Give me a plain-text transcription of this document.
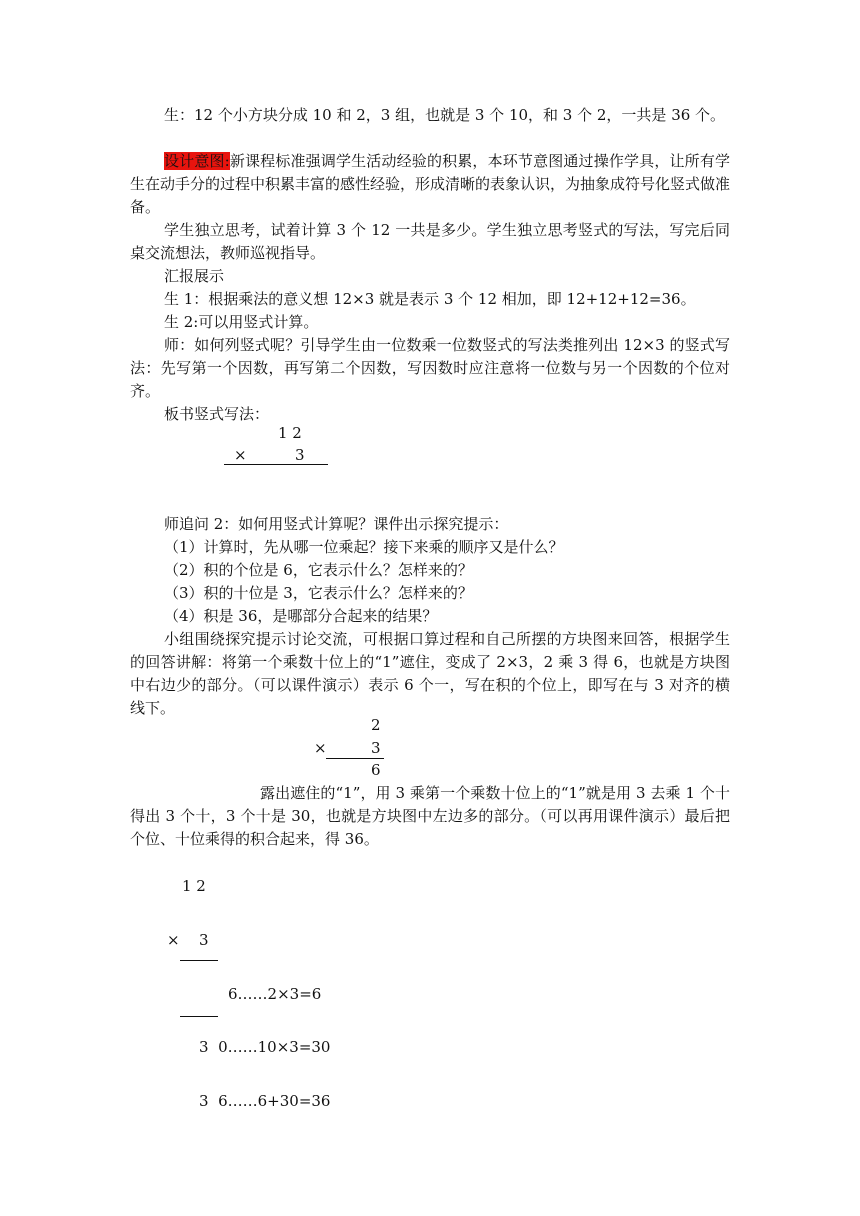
生：12 个小方块分成 10 和 2，3 组，也就是 3 个 10，和 3 个 2，一共是 36 个。

设计意图:新课程标准强调学生活动经验的积累，本环节意图通过操作学具，让所有学生在动手分的过程中积累丰富的感性经验，形成清晰的表象认识，为抽象成符号化竖式做准备。

学生独立思考，试着计算 3 个 12 一共是多少。学生独立思考竖式的写法，写完后同桌交流想法，教师巡视指导。

汇报展示

生 1：根据乘法的意义想 12×3 就是表示 3 个 12 相加，即 12+12+12=36。

生 2:可以用竖式计算。

师：如何列竖式呢？引导学生由一位数乘一位数竖式的写法类推列出 12×3 的竖式写法：先写第一个因数，再写第二个因数，写因数时应注意将一位数与另一个因数的个位对齐。

板书竖式写法：

1 2
×	3

师追问 2：如何用竖式计算呢？课件出示探究提示：

（1）计算时，先从哪一位乘起？接下来乘的顺序又是什么？

（2）积的个位是 6，它表示什么？怎样来的？

（3）积的十位是 3，它表示什么？怎样来的？

（4）积是 36，是哪部分合起来的结果？

小组围绕探究提示讨论交流，可根据口算过程和自己所摆的方块图来回答，根据学生的回答讲解：将第一个乘数十位上的“1”遮住，变成了 2×3，2 乘 3 得 6，也就是方块图中右边少的部分。（可以课件演示）表示 6 个一，写在积的个位上，即写在与 3 对齐的横线下。

2
×	3
6

露出遮住的“1”，用 3 乘第一个乘数十位上的“1”就是用 3 去乘 1 个十得出 3 个十，3 个十是 30，也就是方块图中左边多的部分。（可以再用课件演示）最后把个位、十位乘得的积合起来，得 36。

1 2
× 3
6……2×3=6
3  0……10×3=30
3  6……6+30=36
